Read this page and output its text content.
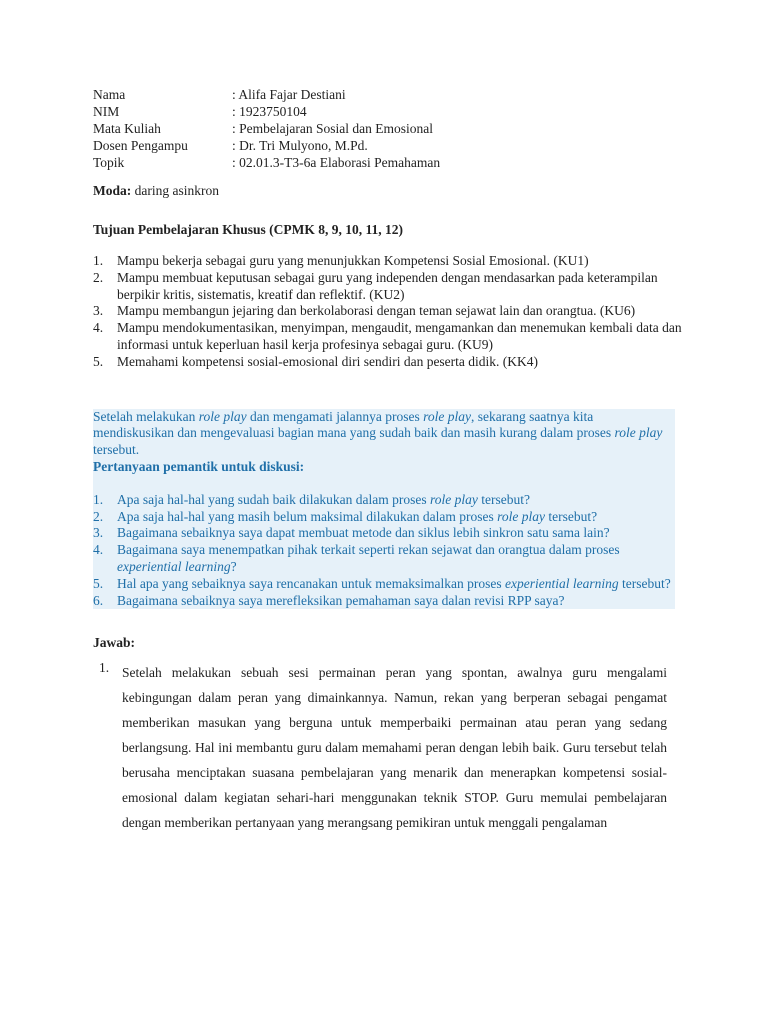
Nama	: Alifa Fajar Destiani
NIM	: 1923750104
Mata Kuliah	: Pembelajaran Sosial dan Emosional
Dosen Pengampu	: Dr. Tri Mulyono, M.Pd.
Topik	: 02.01.3-T3-6a Elaborasi Pemahaman
Moda: daring asinkron
Tujuan Pembelajaran Khusus (CPMK 8, 9, 10, 11, 12)
1.	Mampu bekerja sebagai guru yang menunjukkan Kompetensi Sosial Emosional. (KU1)
2.	Mampu membuat keputusan sebagai guru yang independen dengan mendasarkan pada keterampilan berpikir kritis, sistematis, kreatif dan reflektif. (KU2)
3.	Mampu membangun jejaring dan berkolaborasi dengan teman sejawat lain dan orangtua. (KU6)
4.	Mampu mendokumentasikan, menyimpan, mengaudit, mengamankan dan menemukan kembali data dan informasi untuk keperluan hasil kerja profesinya sebagai guru. (KU9)
5.	Memahami kompetensi sosial-emosional diri sendiri dan peserta didik. (KK4)
Setelah melakukan role play dan mengamati jalannya proses role play, sekarang saatnya kita mendiskusikan dan mengevaluasi bagian mana yang sudah baik dan masih kurang dalam proses role play tersebut.
Pertanyaan pemantik untuk diskusi:
1.	Apa saja hal-hal yang sudah baik dilakukan dalam proses role play tersebut?
2.	Apa saja hal-hal yang masih belum maksimal dilakukan dalam proses role play tersebut?
3.	Bagaimana sebaiknya saya dapat membuat metode dan siklus lebih sinkron satu sama lain?
4.	Bagaimana saya menempatkan pihak terkait seperti rekan sejawat dan orangtua dalam proses experiential learning?
5.	Hal apa yang sebaiknya saya rencanakan untuk memaksimalkan proses experiential learning tersebut?
6.	Bagaimana sebaiknya saya merefleksikan pemahaman saya dalan revisi RPP saya?
Jawab:
1. Setelah melakukan sebuah sesi permainan peran yang spontan, awalnya guru mengalami kebingungan dalam peran yang dimainkannya. Namun, rekan yang berperan sebagai pengamat memberikan masukan yang berguna untuk memperbaiki permainan atau peran yang sedang berlangsung. Hal ini membantu guru dalam memahami peran dengan lebih baik. Guru tersebut telah berusaha menciptakan suasana pembelajaran yang menarik dan menerapkan kompetensi sosial-emosional dalam kegiatan sehari-hari menggunakan teknik STOP. Guru memulai pembelajaran dengan memberikan pertanyaan yang merangsang pemikiran untuk menggali pengalaman
